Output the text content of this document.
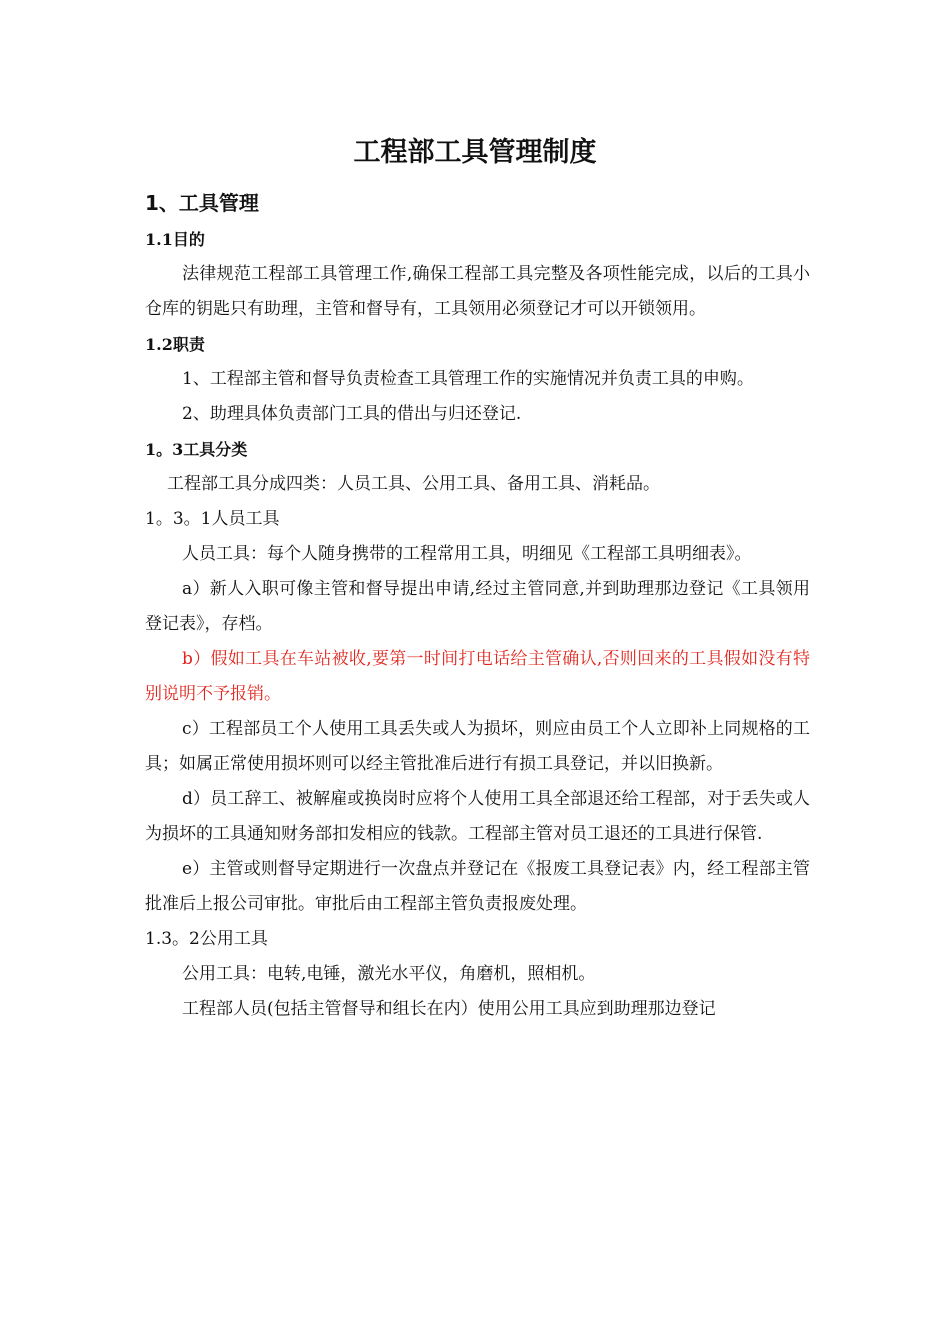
工程部工具管理制度
1、工具管理

1.1目的

法律规范工程部工具管理工作,确保工程部工具完整及各项性能完成，以后的工具小仓库的钥匙只有助理，主管和督导有，工具领用必须登记才可以开锁领用。

1.2职责

1、工程部主管和督导负责检查工具管理工作的实施情况并负责工具的申购。

2、助理具体负责部门工具的借出与归还登记.

1。3工具分类

工程部工具分成四类：人员工具、公用工具、备用工具、消耗品。

1。3。1人员工具

人员工具：每个人随身携带的工程常用工具，明细见《工程部工具明细表》。

a）新人入职可像主管和督导提出申请,经过主管同意,并到助理那边登记《工具领用登记表》，存档。

b）假如工具在车站被收,要第一时间打电话给主管确认,否则回来的工具假如没有特别说明不予报销。

c）工程部员工个人使用工具丢失或人为损坏，则应由员工个人立即补上同规格的工具；如属正常使用损坏则可以经主管批准后进行有损工具登记，并以旧换新。

d）员工辞工、被解雇或换岗时应将个人使用工具全部退还给工程部，对于丢失或人为损坏的工具通知财务部扣发相应的钱款。工程部主管对员工退还的工具进行保管.

e）主管或则督导定期进行一次盘点并登记在《报废工具登记表》内，经工程部主管批准后上报公司审批。审批后由工程部主管负责报废处理。

1.3。2公用工具

公用工具：电转,电锤，激光水平仪，角磨机，照相机。

工程部人员(包括主管督导和组长在内）使用公用工具应到助理那边登记
